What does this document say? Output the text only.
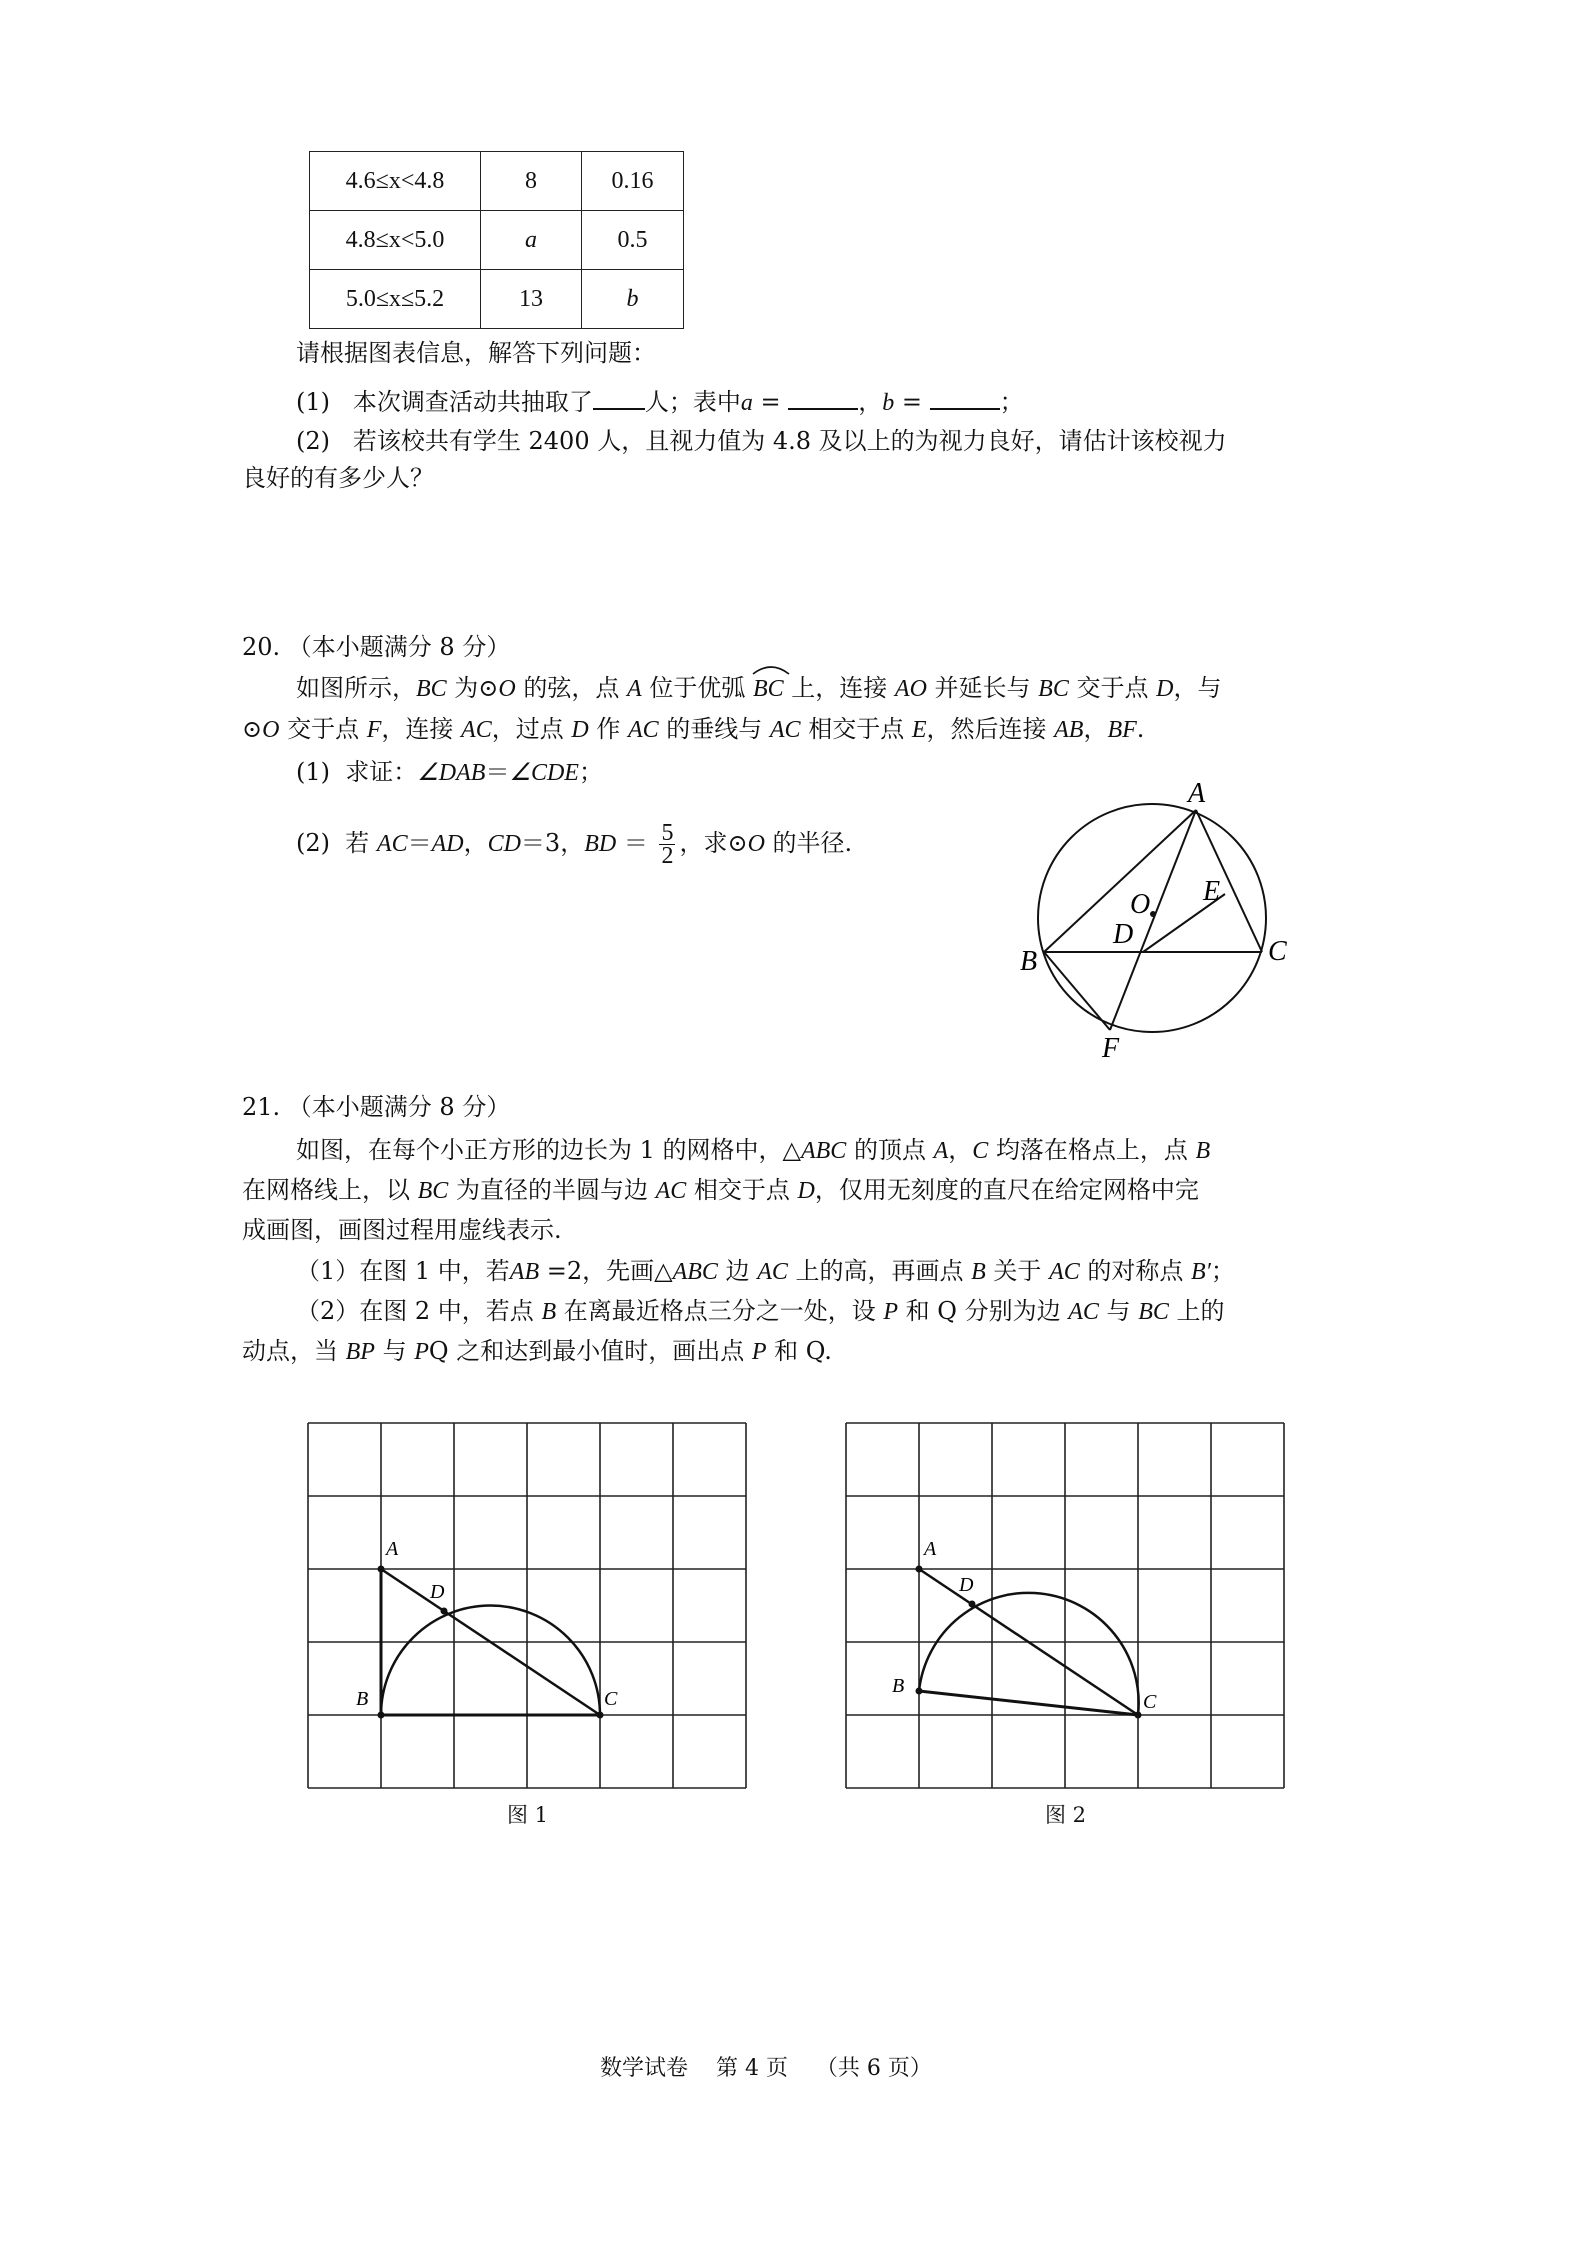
4.6≤x<4.8	8	0.16
4.8≤x<5.0	a	0.5
5.0≤x≤5.2	13	b
请根据图表信息，解答下列问题：
(1) 本次调查活动共抽取了 人；表中a =	，b =	；
(2) 若该校共有学生 2400 人，且视力值为 4.8 及以上的为视力良好，请估计该校视力
良好的有多少人？
20. （本小题满分 8 分）
如图所示，BC 为⊙O 的弦，点 A 位于优弧
BC 上，连接 AO 并延长与 BC 交于点 D，与
⊙O 交于点 F，连接 AC，过点 D 作 AC 的垂线与 AC 相交于点 E，然后连接 AB，BF.
(1) 求证：∠DAB＝∠CDE；
(2) 若 AC＝AD，CD＝3，BD ＝ $\frac{5}{2}$ ，求⊙O 的半径.
A
O E
D
B	C
F
21. （本小题满分 8 分）
如图，在每个小正方形的边长为 1 的网格中，△ABC 的顶点 A，C 均落在格点上，点 B
在网格线上，以 BC 为直径的半圆与边 AC 相交于点 D，仅用无刻度的直尺在给定网格中完
成画图，画图过程用虚线表示.
（1）在图 1 中，若AB =2，先画△ABC 边 AC 上的高，再画点 B 关于 AC 的对称点 B′；
（2）在图 2 中，若点 B 在离最近格点三分之一处，设 P 和 Q 分别为边 AC 与 BC 上的
动点，当 BP 与 PQ 之和达到最小值时，画出点 P 和 Q.
A
D
B	C
图 1
A
D
B
C
图 2
数学试卷    第 4 页    （共 6 页）
